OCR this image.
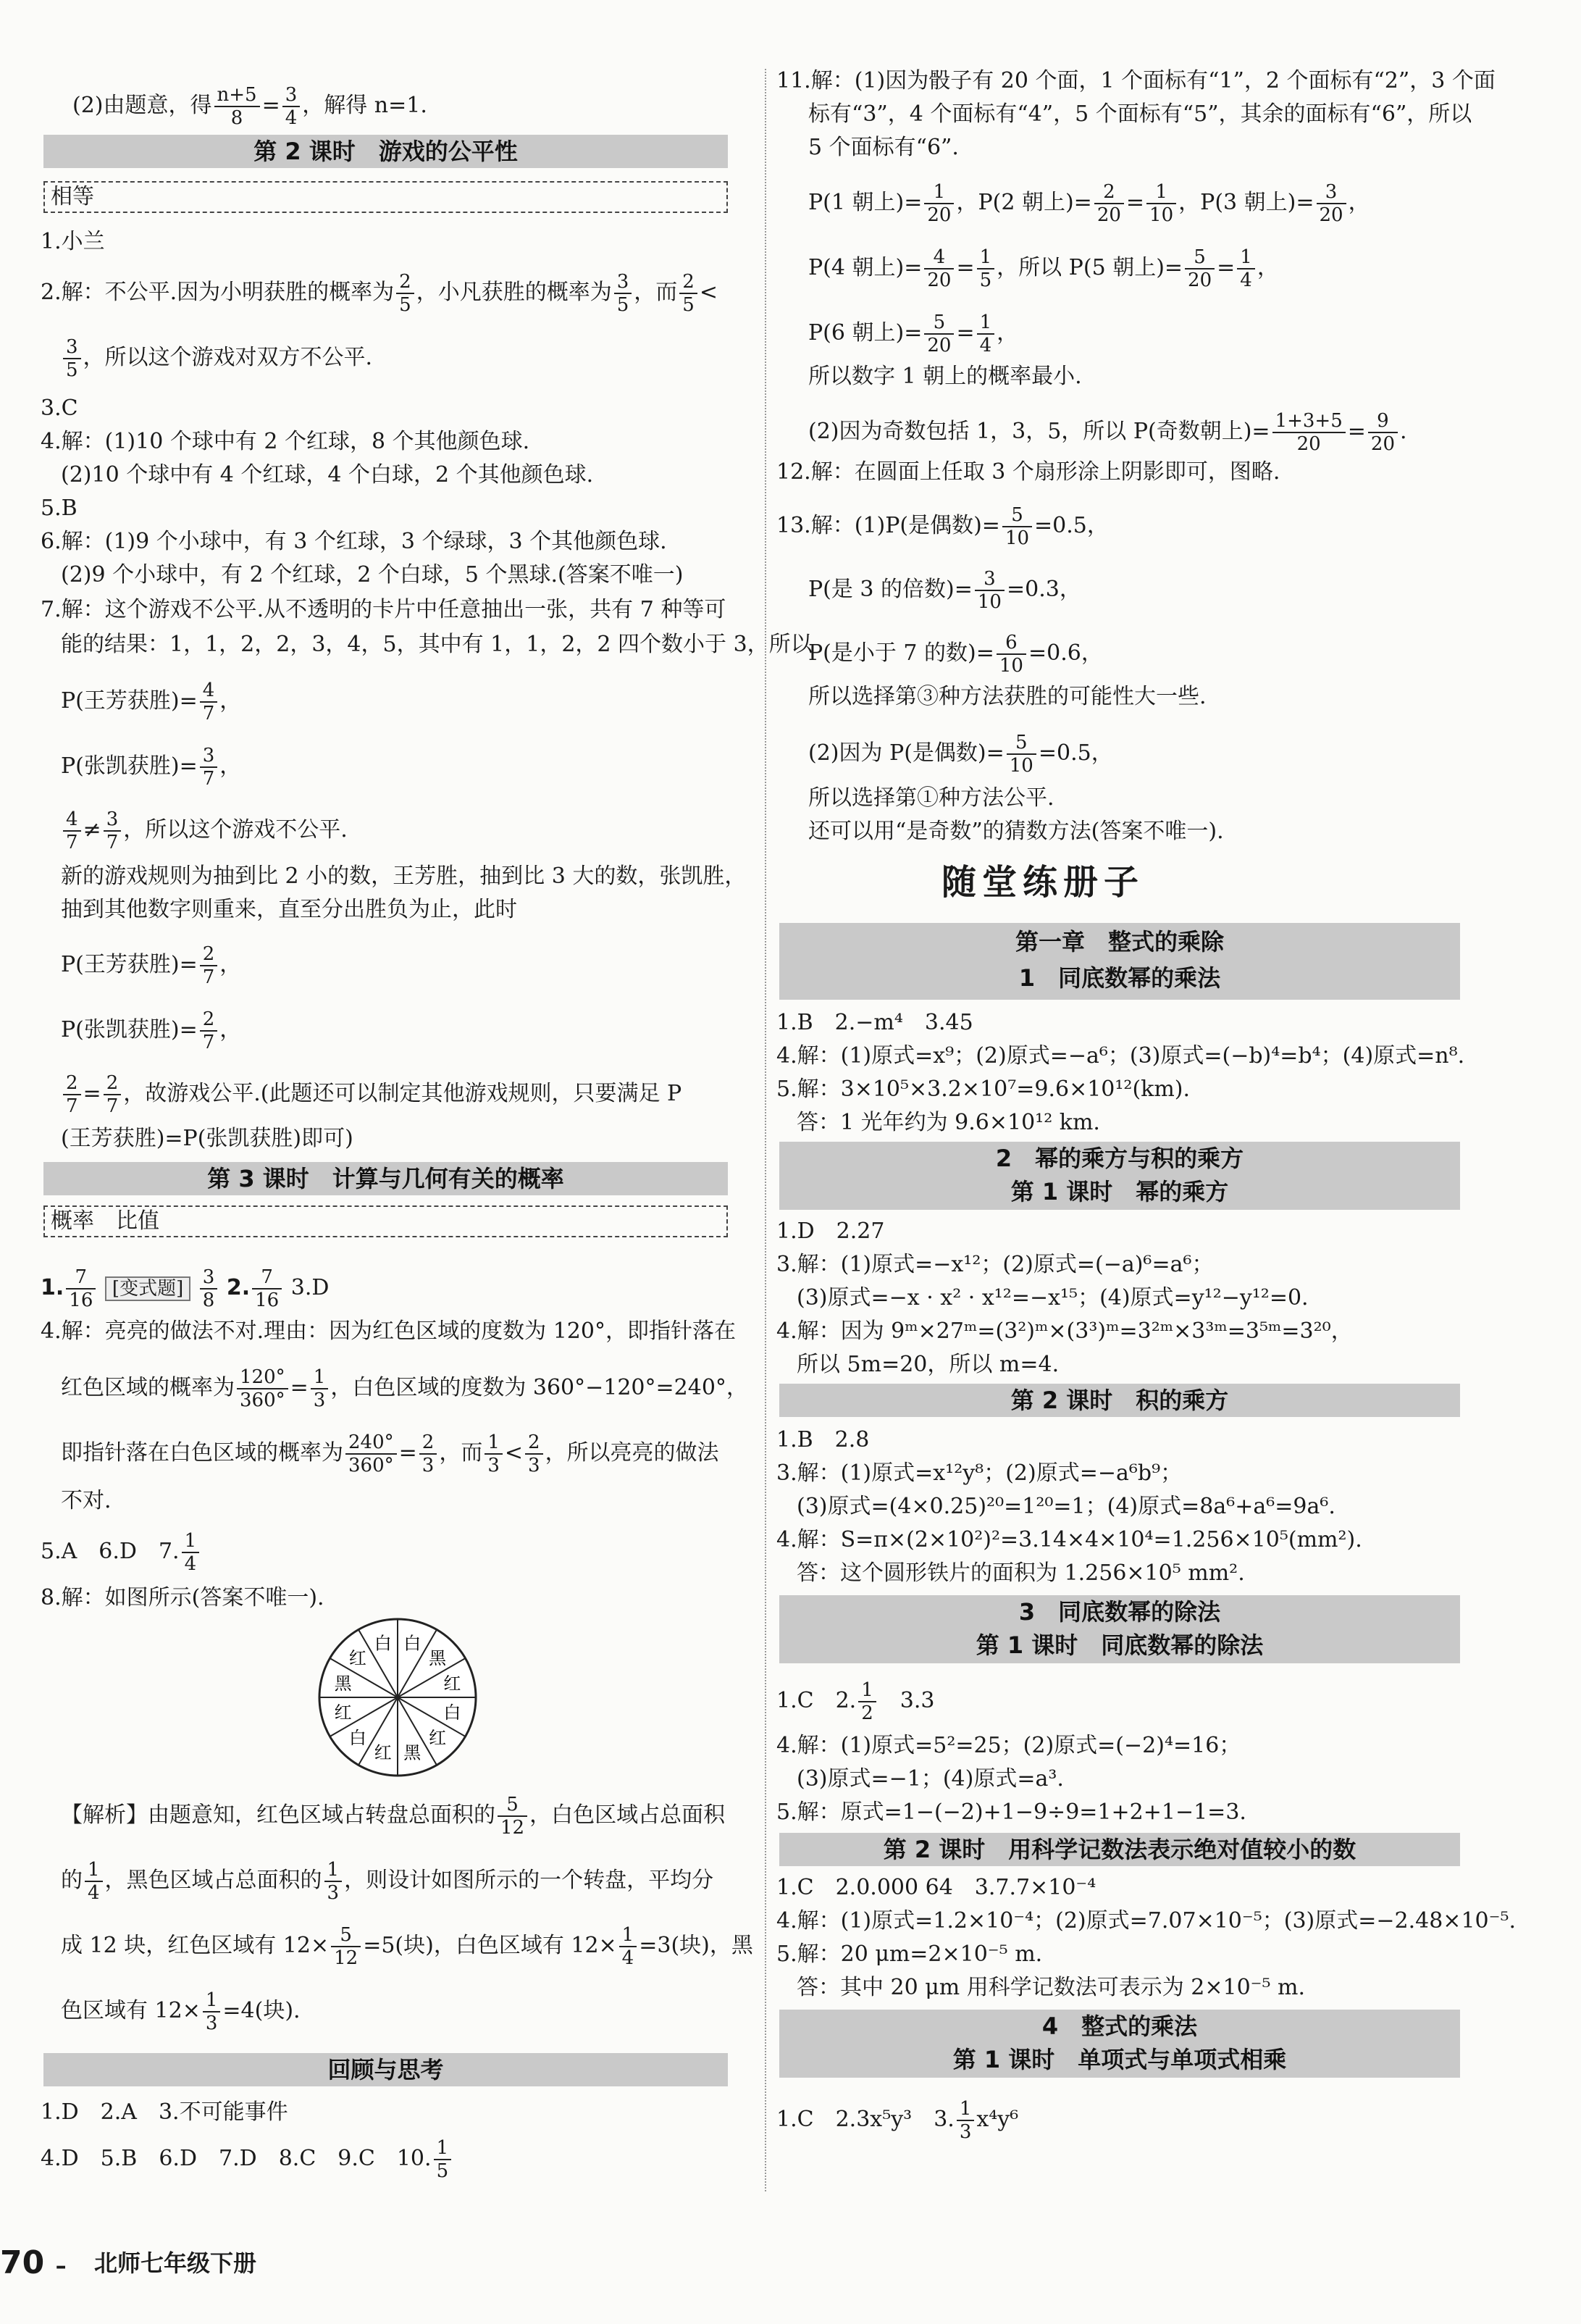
(2)由题意，得 $\frac{n+5}{8} = \frac{3}{4}$ ，解得 n=1.
第 2 课时　游戏的公平性
相等
1.小兰
2.解：不公平.因为小明获胜的概率为 $\frac{2}{5}$ ，小凡获胜的概率为 $\frac{3}{5}$ ，而 $\frac{2}{5}$ <
$\frac{3}{5}$ ，所以这个游戏对双方不公平.
3.C
4.解：(1)10 个球中有 2 个红球，8 个其他颜色球.
(2)10 个球中有 4 个红球，4 个白球，2 个其他颜色球.
5.B
6.解：(1)9 个小球中，有 3 个红球，3 个绿球，3 个其他颜色球.
(2)9 个小球中，有 2 个红球，2 个白球，5 个黑球.(答案不唯一)
7.解：这个游戏不公平.从不透明的卡片中任意抽出一张，共有 7 种等可
能的结果：1，1，2，2，3，4，5，其中有 1，1，2，2 四个数小于 3，所以
P(王芳获胜)= $\frac{4}{7}$ ，
P(张凯获胜)= $\frac{3}{7}$ ，
$\frac{4}{7} \ne \frac{3}{7}$ ，所以这个游戏不公平.
新的游戏规则为抽到比 2 小的数，王芳胜，抽到比 3 大的数，张凯胜，
抽到其他数字则重来，直至分出胜负为止，此时
P(王芳获胜)= $\frac{2}{7}$ ，
P(张凯获胜)= $\frac{2}{7}$ ，
$\frac{2}{7} = \frac{2}{7}$ ，故游戏公平.(此题还可以制定其他游戏规则，只要满足 P
(王芳获胜)=P(张凯获胜)即可)
第 3 课时　计算与几何有关的概率
概率　比值
1. $\frac{7}{16}$ [变式题] $\frac{3}{8} 2$. $\frac{7}{16} 3.D$
4.解：亮亮的做法不对.理由：因为红色区域的度数为 120°，即指针落在
红色区域的概率为 $\frac{120^\circ}{360^\circ} = \frac{1}{3}$ ，白色区域的度数为 360°−120°=240°，
即指针落在白色区域的概率为 $\frac{240^\circ}{360^\circ} = \frac{2}{3}$ ，而 $\frac{1}{3} < \frac{2}{3}$ ，所以亮亮的做法
不对.
5.A　6.D　7. $\frac{1}{4}$
8.解：如图所示(答案不唯一).
白
黑
红
白
红
黑
红
白
红
黑
红
白
【解析】由题意知，红色区域占转盘总面积的 $\frac{5}{12}$ ，白色区域占总面积
的 $\frac{1}{4}$ ，黑色区域占总面积的 $\frac{1}{3}$ ，则设计如图所示的一个转盘，平均分
成 12 块，红色区域有 $12\times \frac{5}{12} =5$(块)，白色区域有 $12\times \frac{1}{4} =3$(块)，黑
色区域有 $12\times \frac{1}{3} =4$(块).
回顾与思考
1.D　2.A　3.不可能事件
4.D　5.B　6.D　7.D　8.C　9.C　10. $\frac{1}{5}$
70 – 北师七年级下册
11.解：(1)因为骰子有 20 个面，1 个面标有“1”，2 个面标有“2”，3 个面
标有“3”，4 个面标有“4”，5 个面标有“5”，其余的面标有“6”，所以
5 个面标有“6”.
P(1 朝上)= $\frac{1}{20}$ ，P(2 朝上)= $\frac{2}{20} = \frac{1}{10}$ ，P(3 朝上)= $\frac{3}{20}$ ，
P(4 朝上)= $\frac{4}{20} = \frac{1}{5}$ ，所以 P(5 朝上)= $\frac{5}{20} = \frac{1}{4}$ ，
P(6 朝上)= $\frac{5}{20} = \frac{1}{4}$ ，
所以数字 1 朝上的概率最小.
(2)因为奇数包括 1，3，5，所以 P(奇数朝上)= $\frac{1+3+5}{20} = \frac{9}{20}$ .
12.解：在圆面上任取 3 个扇形涂上阴影即可，图略.
13.解：(1)P(是偶数)= $\frac{5}{10} =0.5$，
P(是 3 的倍数)= $\frac{3}{10} =0.3$，
P(是小于 7 的数)= $\frac{6}{10} =0.6$，
所以选择第③种方法获胜的可能性大一些.
(2)因为 P(是偶数)= $\frac{5}{10} =0.5$，
所以选择第①种方法公平.
还可以用“是奇数”的猜数方法(答案不唯一).
随堂练册子
第一章　整式的乘除
1　同底数幂的乘法
1.B　2.−m⁴　3.45
4.解：(1)原式=x⁹；(2)原式=−a⁶；(3)原式=(−b)⁴=b⁴；(4)原式=n⁸.
5.解：3×10⁵×3.2×10⁷=9.6×10¹²(km).
答：1 光年约为 9.6×10¹² km.
2　幂的乘方与积的乘方
第 1 课时　幂的乘方
1.D　2.27
3.解：(1)原式=−x¹²；(2)原式=(−a)⁶=a⁶；
(3)原式=−x · x² · x¹²=−x¹⁵；(4)原式=y¹²−y¹²=0.
4.解：因为 9ᵐ×27ᵐ=(3²)ᵐ×(3³)ᵐ=3²ᵐ×3³ᵐ=3⁵ᵐ=3²⁰，
所以 5m=20，所以 m=4.
第 2 课时　积的乘方
1.B　2.8
3.解：(1)原式=x¹²y⁸；(2)原式=−a⁶b⁹；
(3)原式=(4×0.25)²⁰=1²⁰=1；(4)原式=8a⁶+a⁶=9a⁶.
4.解：S=π×(2×10²)²=3.14×4×10⁴=1.256×10⁵(mm²).
答：这个圆形铁片的面积为 1.256×10⁵ mm².
3　同底数幂的除法
第 1 课时　同底数幂的除法
1.C　2. $\frac{1}{2}$ 　3.3
4.解：(1)原式=5²=25；(2)原式=(−2)⁴=16；
(3)原式=−1；(4)原式=a³.
5.解：原式=1−(−2)+1−9÷9=1+2+1−1=3.
第 2 课时　用科学记数法表示绝对值较小的数
1.C　2.0.000 64　3.7.7×10⁻⁴
4.解：(1)原式=1.2×10⁻⁴；(2)原式=7.07×10⁻⁵；(3)原式=−2.48×10⁻⁵.
5.解：20 μm=2×10⁻⁵ m.
答：其中 20 μm 用科学记数法可表示为 2×10⁻⁵ m.
4　整式的乘法
第 1 课时　单项式与单项式相乘
1.C　2.3x⁵y³　3. $\frac{1}{3} x^4y^6$
